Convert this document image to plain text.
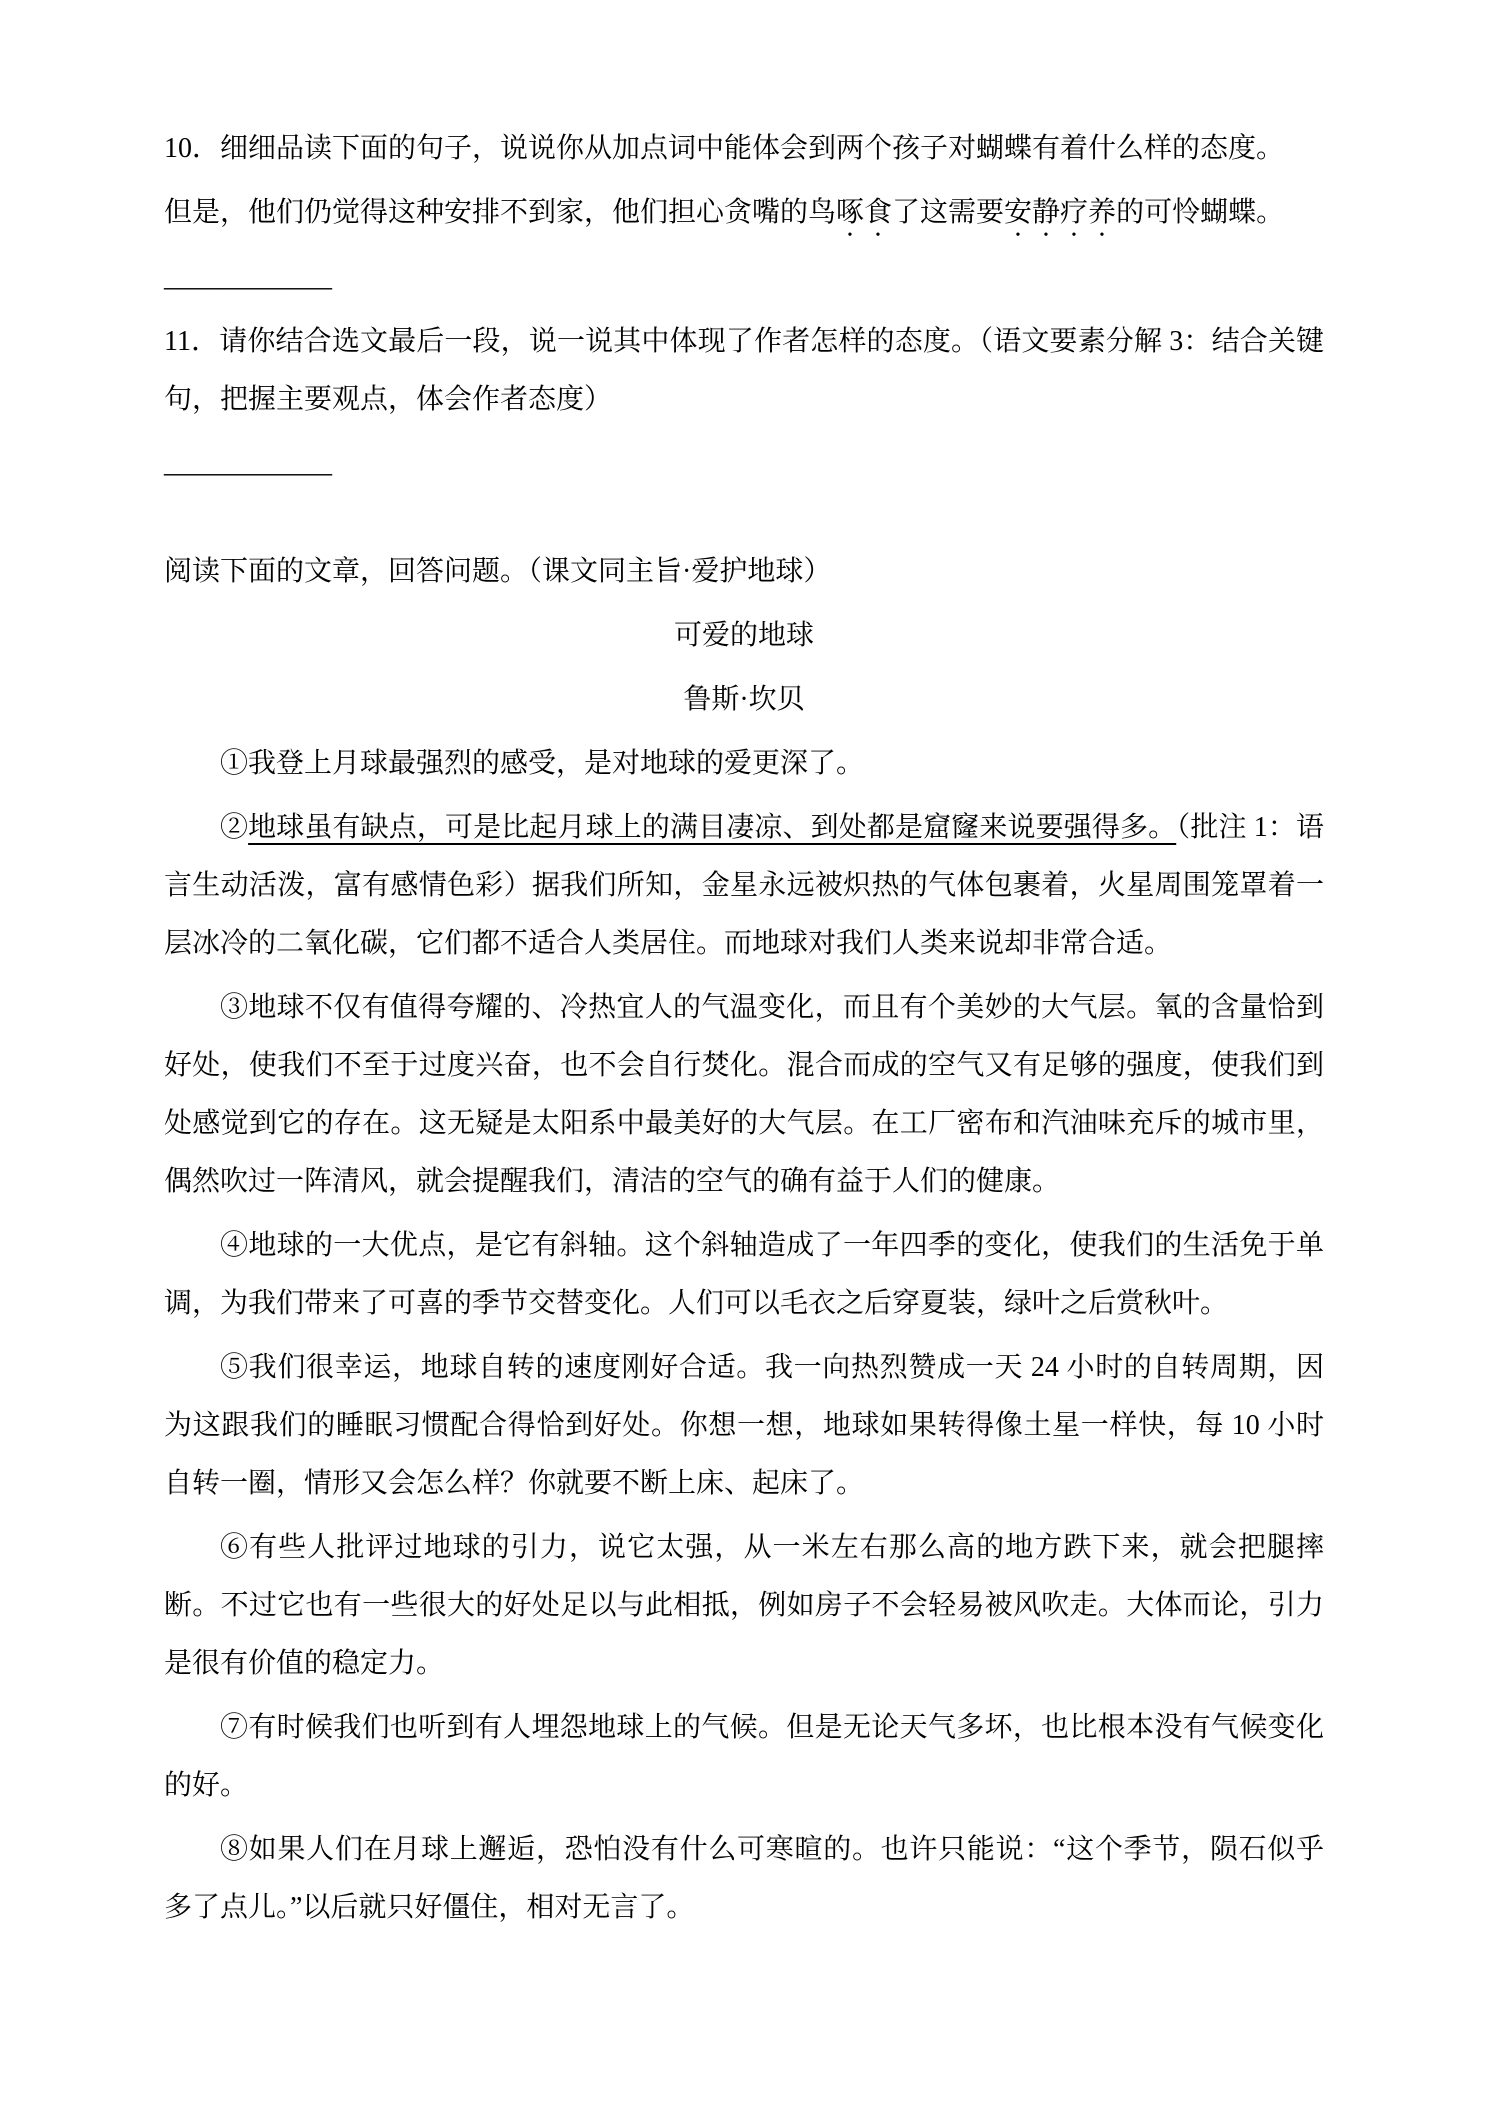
10．细细品读下面的句子，说说你从加点词中能体会到两个孩子对蝴蝶有着什么样的态度。

但是，他们仍觉得这种安排不到家，他们担心贪嘴的鸟啄食了这需要安静疗养的可怜蝴蝶。

____________

11．请你结合选文最后一段，说一说其中体现了作者怎样的态度。（语文要素分解 3：结合关键句，把握主要观点，体会作者态度）

____________

阅读下面的文章，回答问题。（课文同主旨·爱护地球）

可爱的地球

鲁斯·坎贝

①我登上月球最强烈的感受，是对地球的爱更深了。

②地球虽有缺点，可是比起月球上的满目凄凉、到处都是窟窿来说要强得多。（批注 1：语言生动活泼，富有感情色彩）据我们所知，金星永远被炽热的气体包裹着，火星周围笼罩着一层冰冷的二氧化碳，它们都不适合人类居住。而地球对我们人类来说却非常合适。

③地球不仅有值得夸耀的、冷热宜人的气温变化，而且有个美妙的大气层。氧的含量恰到好处，使我们不至于过度兴奋，也不会自行焚化。混合而成的空气又有足够的强度，使我们到处感觉到它的存在。这无疑是太阳系中最美好的大气层。在工厂密布和汽油味充斥的城市里，偶然吹过一阵清风，就会提醒我们，清洁的空气的确有益于人们的健康。

④地球的一大优点，是它有斜轴。这个斜轴造成了一年四季的变化，使我们的生活免于单调，为我们带来了可喜的季节交替变化。人们可以毛衣之后穿夏装，绿叶之后赏秋叶。

⑤我们很幸运，地球自转的速度刚好合适。我一向热烈赞成一天 24 小时的自转周期，因为这跟我们的睡眠习惯配合得恰到好处。你想一想，地球如果转得像土星一样快，每 10 小时自转一圈，情形又会怎么样？你就要不断上床、起床了。

⑥有些人批评过地球的引力，说它太强，从一米左右那么高的地方跌下来，就会把腿摔断。不过它也有一些很大的好处足以与此相抵，例如房子不会轻易被风吹走。大体而论，引力是很有价值的稳定力。

⑦有时候我们也听到有人埋怨地球上的气候。但是无论天气多坏，也比根本没有气候变化的好。

⑧如果人们在月球上邂逅，恐怕没有什么可寒暄的。也许只能说：“这个季节，陨石似乎多了点儿。”以后就只好僵住，相对无言了。
